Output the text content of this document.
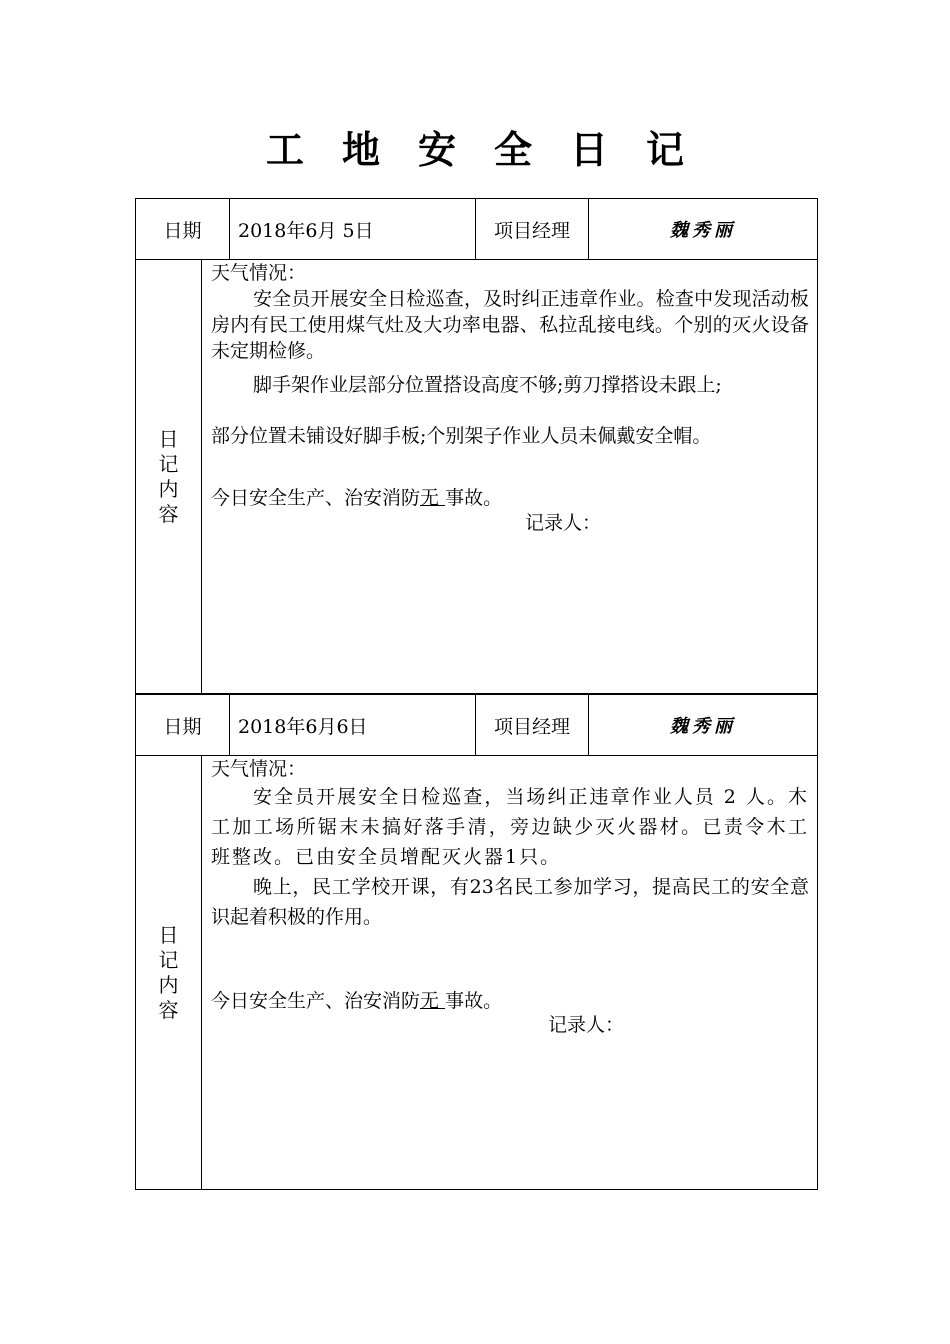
工地安全日记
日期	2018年6月 5日	项目经理	魏秀丽
日记内容

天气情况：

安全员开展安全日检巡查，及时纠正违章作业。检查中发现活动板房内有民工使用煤气灶及大功率电器、私拉乱接电线。个别的灭火设备未定期检修。

脚手架作业层部分位置搭设高度不够;剪刀撑搭设未跟上;

部分位置未铺设好脚手板;个别架子作业人员未佩戴安全帽。

今日安全生产、治安消防无 事故。

记录人：
日期	2018年6月6日	项目经理	魏秀丽
日记内容

天气情况：

安全员开展安全日检巡查，当场纠正违章作业人员 2 人。木工加工场所锯末未搞好落手清，旁边缺少灭火器材。已责令木工班整改。已由安全员增配灭火器1只。

晚上，民工学校开课，有23名民工参加学习，提高民工的安全意识起着积极的作用。

今日安全生产、治安消防无 事故。

记录人：
